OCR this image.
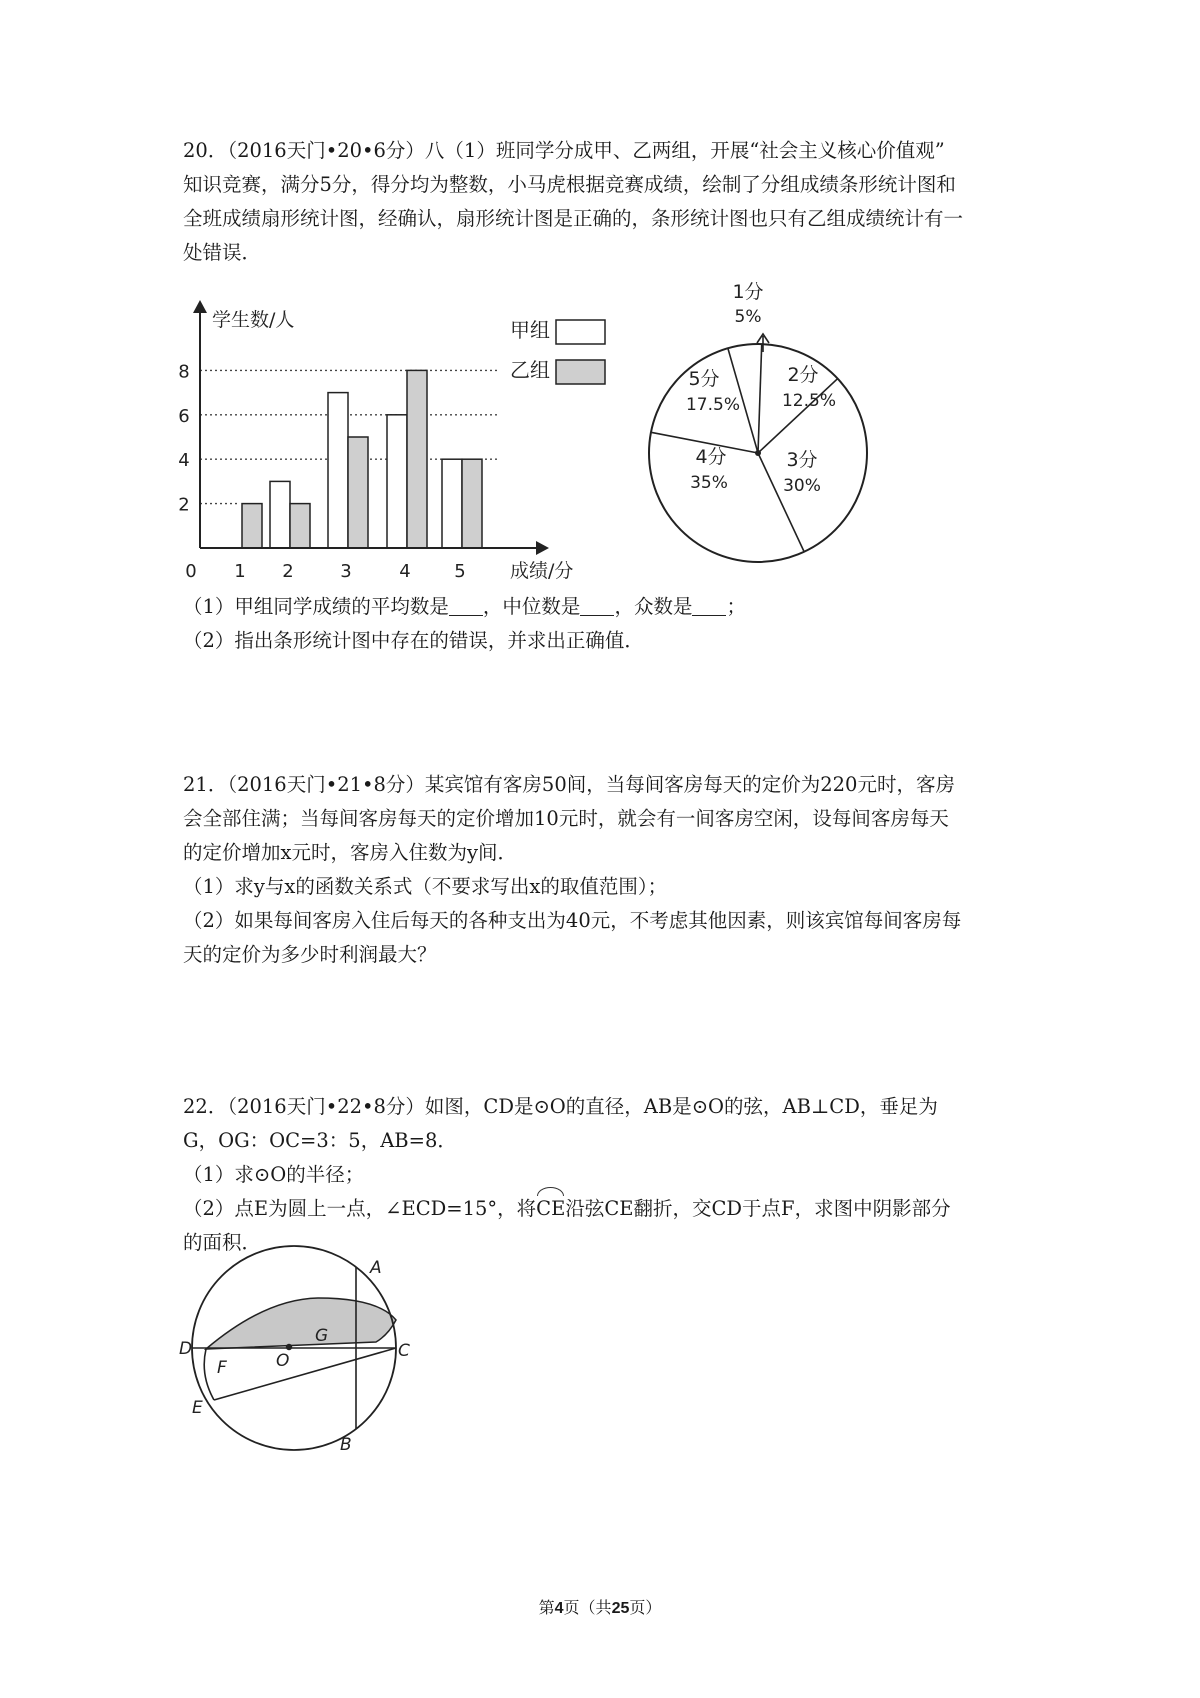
20．（2016天门•20•6分）八（1）班同学分成甲、乙两组，开展“社会主义核心价值观”
知识竞赛，满分5分，得分均为整数，小马虎根据竞赛成绩，绘制了分组成绩条形统计图和
全班成绩扇形统计图，经确认，扇形统计图是正确的，条形统计图也只有乙组成绩统计有一
处错误．
2
4
6
8
1 2	3	4 5
学生数/人
成绩/分
0
甲组
乙组
1分
5%
2分
12.5%
3分
30%
4分
35%
5分
17.5%
（1）甲组同学成绩的平均数是 ，中位数是 ，众数是 ；
（2）指出条形统计图中存在的错误，并求出正确值．
21．（2016天门•21•8分）某宾馆有客房50间，当每间客房每天的定价为220元时，客房
会全部住满；当每间客房每天的定价增加10元时，就会有一间客房空闲，设每间客房每天
的定价增加x元时，客房入住数为y间．
（1）求y与x的函数关系式（不要求写出x的取值范围）；
（2）如果每间客房入住后每天的各种支出为40元，不考虑其他因素，则该宾馆每间客房每
天的定价为多少时利润最大？
22．（2016天门•22•8分）如图，CD是⊙O的直径，AB是⊙O的弦，AB⊥CD，垂足为
G，OG：OC=3：5，AB=8．
（1）求⊙O的半径；
（2）点E为圆上一点，∠ECD=15°，将CE沿弦CE翻折，交CD于点F，求图中阴影部分
的面积．
A
B
C
D
E
F
G
O
第4页（共25页）
